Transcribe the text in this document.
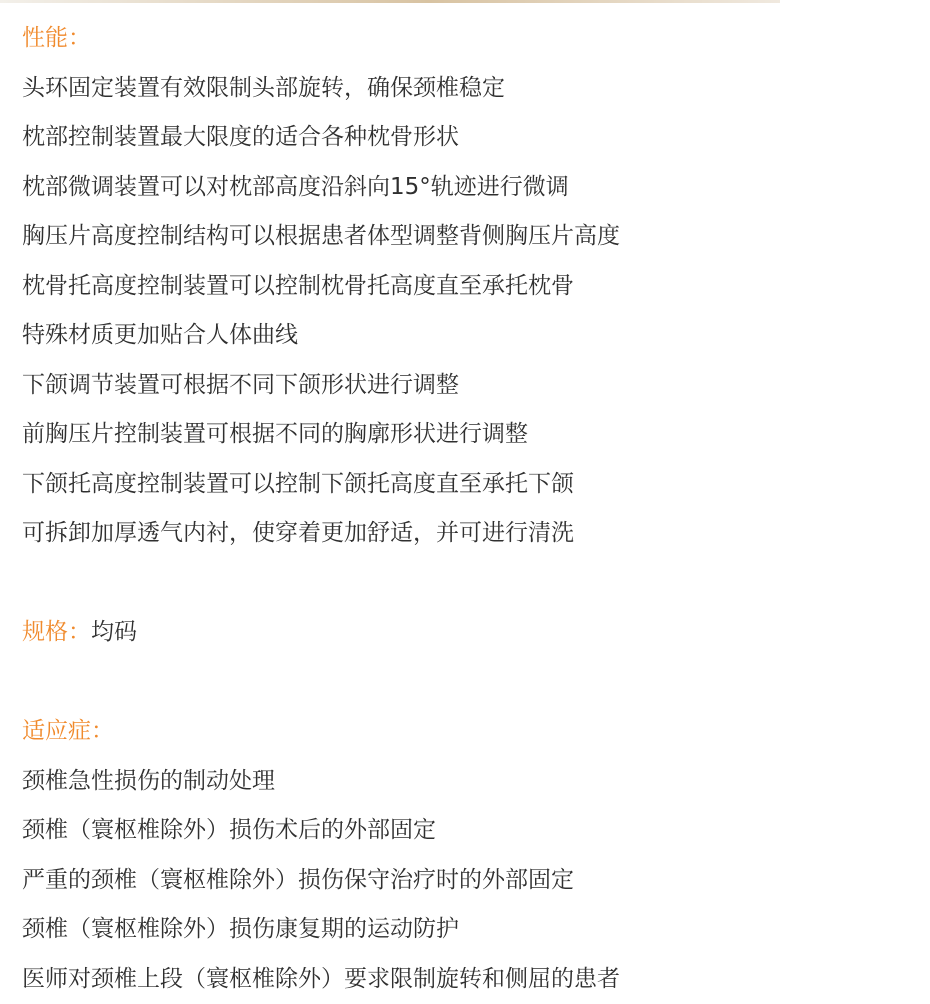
性能：
头环固定装置有效限制头部旋转，确保颈椎稳定
枕部控制装置最大限度的适合各种枕骨形状
枕部微调装置可以对枕部高度沿斜向15°轨迹进行微调
胸压片高度控制结构可以根据患者体型调整背侧胸压片高度
枕骨托高度控制装置可以控制枕骨托高度直至承托枕骨
特殊材质更加贴合人体曲线
下颌调节装置可根据不同下颌形状进行调整
前胸压片控制装置可根据不同的胸廓形状进行调整
下颌托高度控制装置可以控制下颌托高度直至承托下颌
可拆卸加厚透气内衬，使穿着更加舒适，并可进行清洗
规格：均码
适应症：
颈椎急性损伤的制动处理
颈椎（寰枢椎除外）损伤术后的外部固定
严重的颈椎（寰枢椎除外）损伤保守治疗时的外部固定
颈椎（寰枢椎除外）损伤康复期的运动防护
医师对颈椎上段（寰枢椎除外）要求限制旋转和侧屈的患者
